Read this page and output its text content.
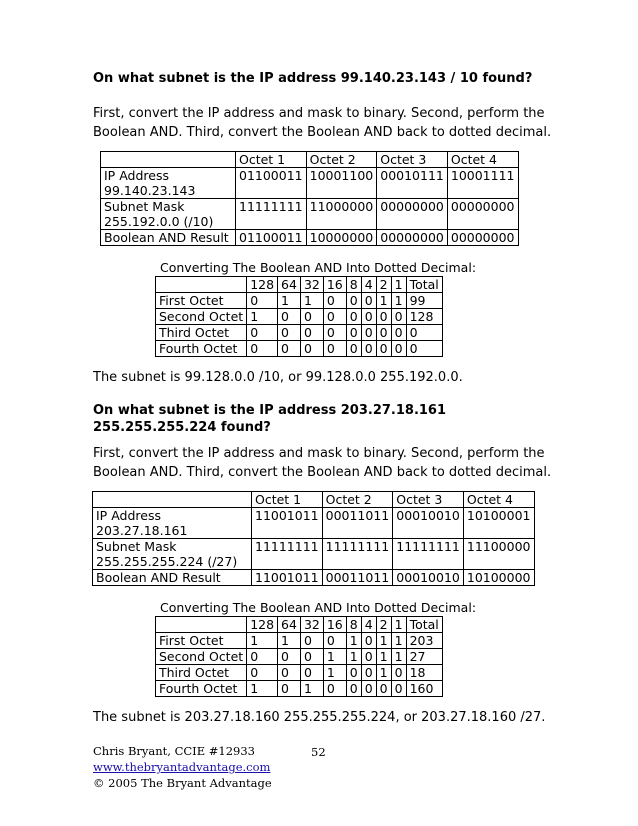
On what subnet is the IP address 99.140.23.143 / 10 found?
First, convert the IP address and mask to binary. Second, perform the
Boolean AND. Third, convert the Boolean AND back to dotted decimal.
	Octet 1	Octet 2	Octet 3	Octet 4
IP Address
99.140.23.143	01100011	10001100	00010111	10001111
Subnet Mask
255.192.0.0 (/10)	11111111	11000000	00000000	00000000
Boolean AND Result	01100011	10000000	00000000	00000000
Converting The Boolean AND Into Dotted Decimal:
	128	64	32	16	8	4	2	1	Total
First Octet	0	1	1	0	0	0	1	1	99
Second Octet	1	0	0	0	0	0	0	0	128
Third Octet	0	0	0	0	0	0	0	0	0
Fourth Octet	0	0	0	0	0	0	0	0	0
The subnet is 99.128.0.0 /10, or 99.128.0.0 255.192.0.0.
On what subnet is the IP address 203.27.18.161
255.255.255.224 found?
First, convert the IP address and mask to binary. Second, perform the
Boolean AND. Third, convert the Boolean AND back to dotted decimal.
	Octet 1	Octet 2	Octet 3	Octet 4
IP Address
203.27.18.161	11001011	00011011	00010010	10100001
Subnet Mask
255.255.255.224 (/27)	11111111	11111111	11111111	11100000
Boolean AND Result	11001011	00011011	00010010	10100000
Converting The Boolean AND Into Dotted Decimal:
	128	64	32	16	8	4	2	1	Total
First Octet	1	1	0	0	1	0	1	1	203
Second Octet	0	0	0	1	1	0	1	1	27
Third Octet	0	0	0	1	0	0	1	0	18
Fourth Octet	1	0	1	0	0	0	0	0	160
The subnet is 203.27.18.160 255.255.255.224, or 203.27.18.160 /27.
Chris Bryant, CCIE #12933
www.thebryantadvantage.com
© 2005 The Bryant Advantage
52
